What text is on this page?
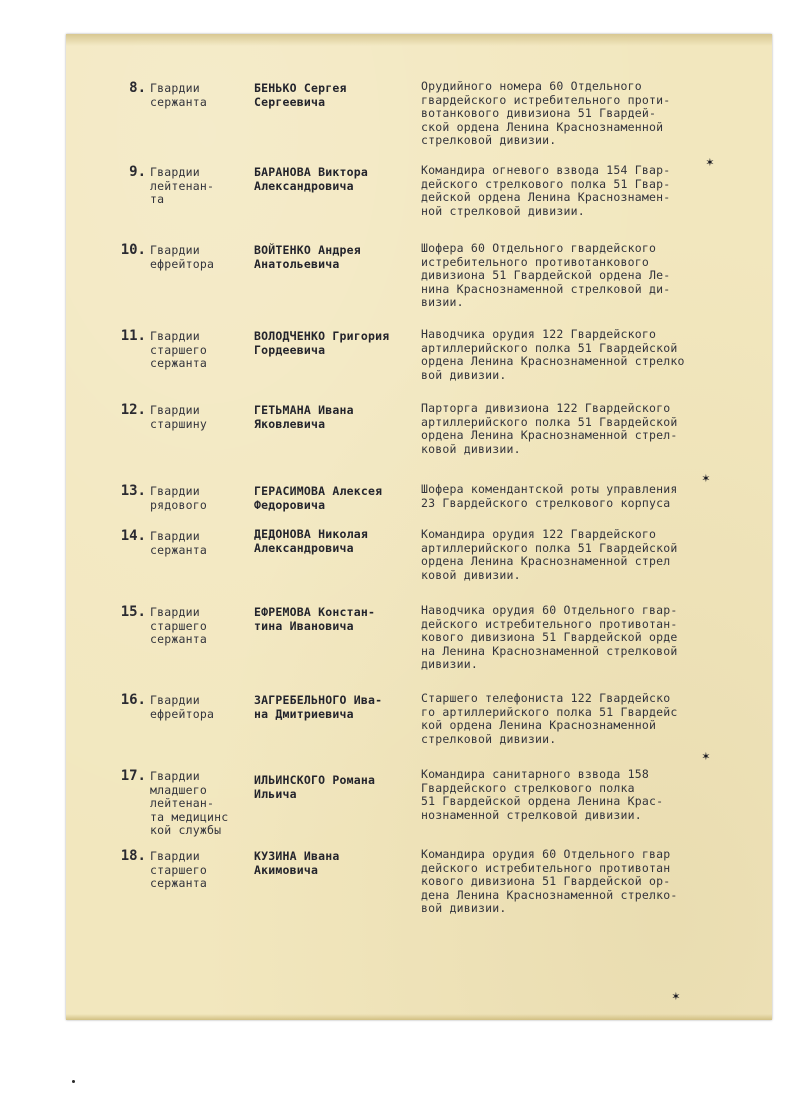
8. Гвардии
сержанта
БЕНЬКО Сергея
Сергеевича
Орудийного номера 60 Отдельного
гвардейского истребительного проти-
вотанкового дивизиона 51 Гвардей-
ской ордена Ленина Краснознаменной
стрелковой дивизии.
9. Гвардии
лейтенан-
та
БАРАНОВА Виктора
Александровича
Командира огневого взвода 154 Гвар-
дейского стрелкового полка 51 Гвар-
дейской ордена Ленина Краснознамен-
ной стрелковой дивизии.
10. Гвардии
ефрейтора
ВОЙТЕНКО Андрея
Анатольевича
Шофера 60 Отдельного гвардейского
истребительного противотанкового
дивизиона 51 Гвардейской ордена Ле-
нина Краснознаменной стрелковой ди-
визии.
11. Гвардии
старшего
сержанта
ВОЛОДЧЕНКО Григория
Гордеевича
Наводчика орудия 122 Гвардейского
артиллерийского полка 51 Гвардейской
ордена Ленина Краснознаменной стрелко
вой дивизии.
12. Гвардии
старшину
ГЕТЬМАНА Ивана
Яковлевича
Парторга дивизиона 122 Гвардейского
артиллерийского полка 51 Гвардейской
ордена Ленина Краснознаменной стрел-
ковой дивизии.
13. Гвардии
рядового
ГЕРАСИМОВА Алексея
Федоровича
Шофера комендантской роты управления
23 Гвардейского стрелкового корпуса
14. Гвардии
сержанта
ДЕДОНОВА Николая
Александровича
Командира орудия 122 Гвардейского
артиллерийского полка 51 Гвардейской
ордена Ленина Краснознаменной стрел
ковой дивизии.
15. Гвардии
старшего
сержанта
ЕФРЕМОВА Констан-
тина Ивановича
Наводчика орудия 60 Отдельного гвар-
дейского истребительного противотан-
кового дивизиона 51 Гвардейской орде
на Ленина Краснознаменной стрелковой
дивизии.
16. Гвардии
ефрейтора
ЗАГРЕБЕЛЬНОГО Ива-
на Дмитриевича
Старшего телефониста 122 Гвардейско
го артиллерийского полка 51 Гвардейс
кой ордена Ленина Краснознаменной
стрелковой дивизии.
17. Гвардии
младшего
лейтенан-
та медицинс
кой службы
ИЛЬИНСКОГО Романа
Ильича
Командира санитарного взвода 158
Гвардейского стрелкового полка
51 Гвардейской ордена Ленина Крас-
нознаменной стрелковой дивизии.
18. Гвардии
старшего
сержанта
КУЗИНА Ивана
Акимовича
Командира орудия 60 Отдельного гвар
дейского истребительного противотан
кового дивизиона 51 Гвардейской ор-
дена Ленина Краснознаменной стрелко-
вой дивизии.
✶
✶
✶
✶
